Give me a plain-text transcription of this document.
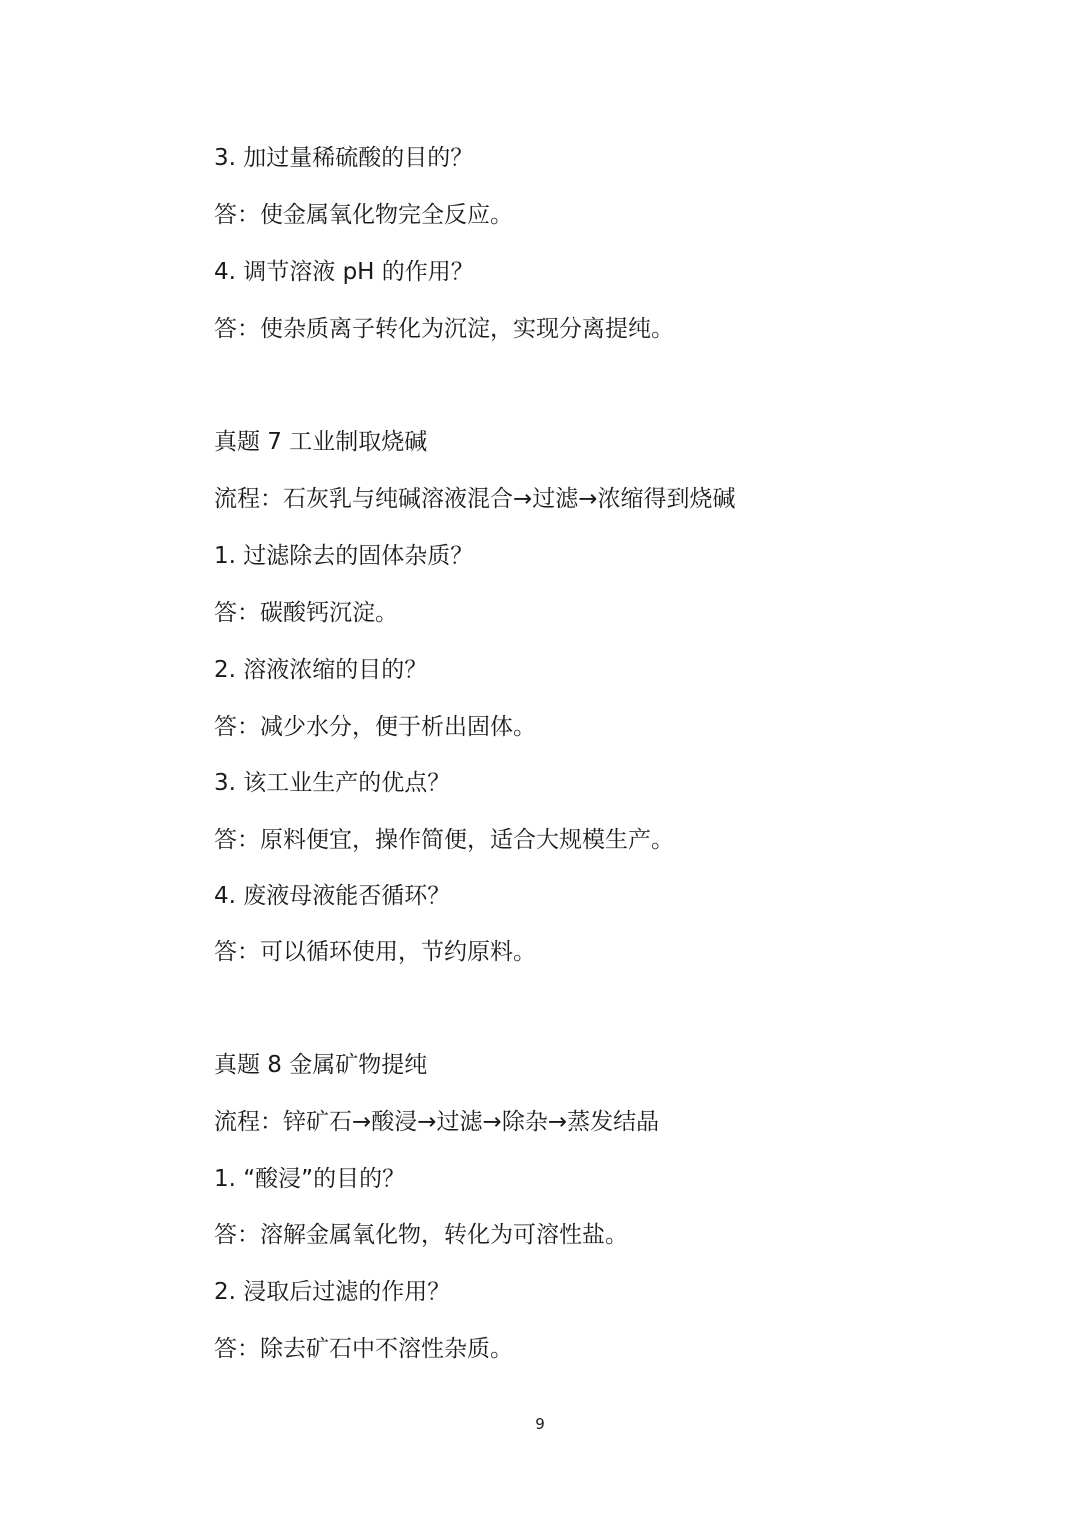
3. 加过量稀硫酸的目的？
答：使金属氧化物完全反应。
4. 调节溶液 pH 的作用？
答：使杂质离子转化为沉淀，实现分离提纯。
真题 7 工业制取烧碱
流程：石灰乳与纯碱溶液混合→过滤→浓缩得到烧碱
1. 过滤除去的固体杂质？
答：碳酸钙沉淀。
2. 溶液浓缩的目的？
答：减少水分，便于析出固体。
3. 该工业生产的优点？
答：原料便宜，操作简便，适合大规模生产。
4. 废液母液能否循环？
答：可以循环使用，节约原料。
真题 8 金属矿物提纯
流程：锌矿石→酸浸→过滤→除杂→蒸发结晶
1. “酸浸”的目的？
答：溶解金属氧化物，转化为可溶性盐。
2. 浸取后过滤的作用？
答：除去矿石中不溶性杂质。
9
